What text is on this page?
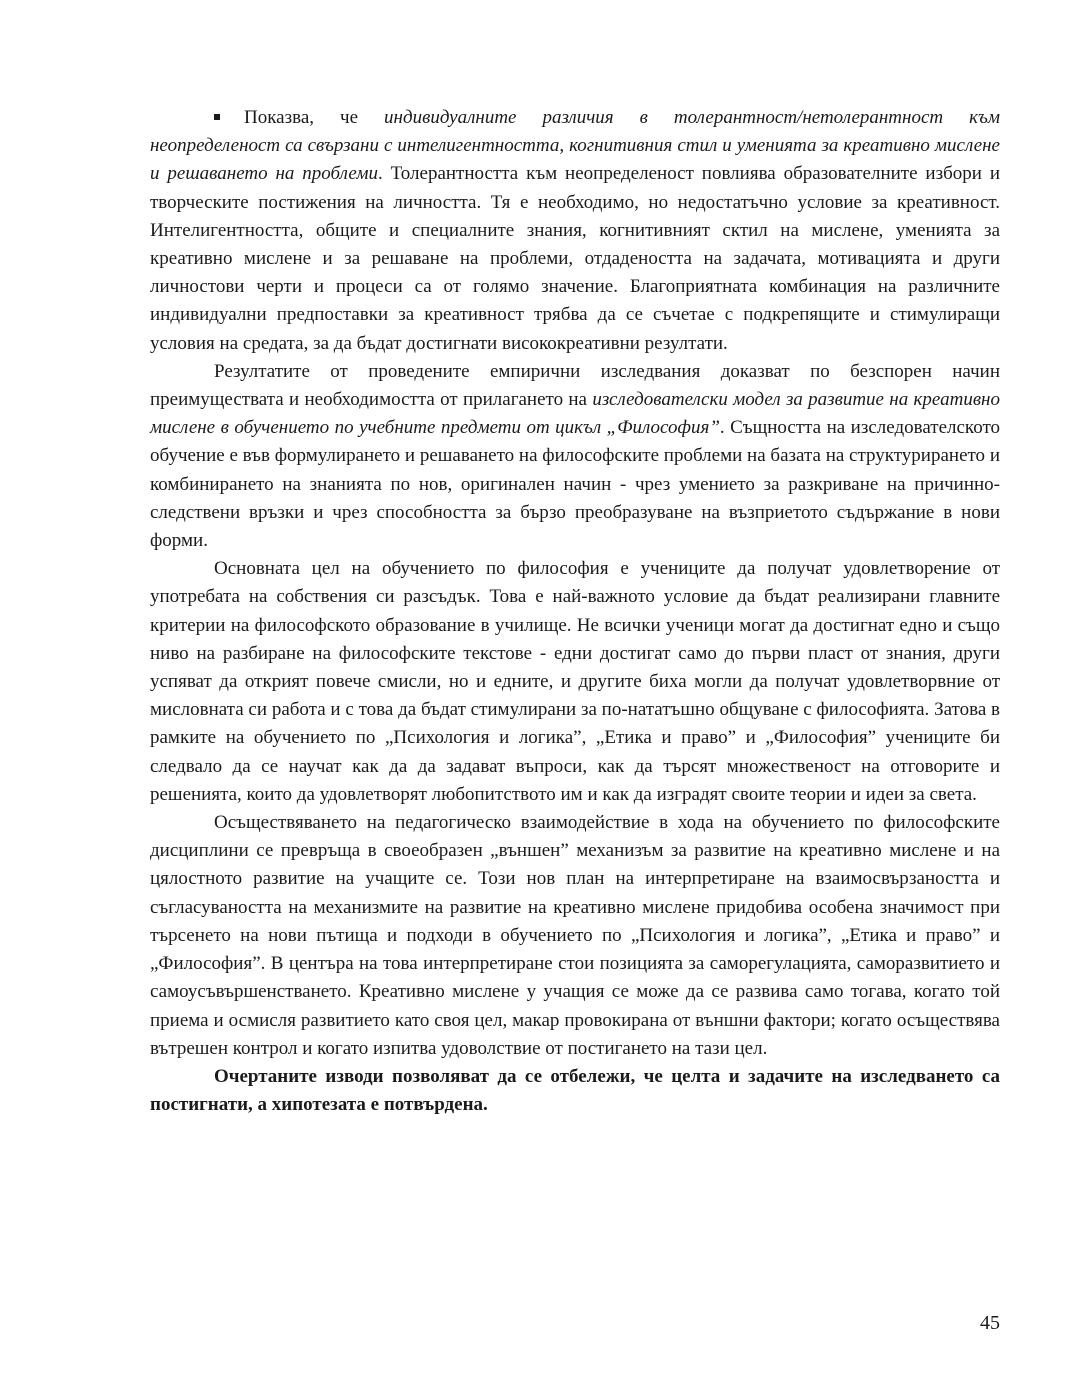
Показва, че индивидуалните различия в толерантност/нетолерантност към неопределеност са свързани с интелигентността, когнитивния стил и уменията за креативно мислене и решаването на проблеми. Толерантността към неопределеност повлиява образователните избори и творческите постижения на личността. Тя е необходимо, но недостатъчно условие за креативност. Интелигентността, общите и специалните знания, когнитивният сктил на мислене, уменията за креативно мислене и за решаване на проблеми, отдадеността на задачата, мотивацията и други личностови черти и процеси са от голямо значение. Благоприятната комбинация на различните индивидуални предпоставки за креативност трябва да се съчетае с подкрепящите и стимулиращи условия на средата, за да бъдат достигнати висококреативни резултати.

Резултатите от проведените емпирични изследвания доказват по безспорен начин преимуществата и необходимостта от прилагането на изследователски модел за развитие на креативно мислене в обучението по учебните предмети от цикъл „Философия”. Същността на изследователското обучение е във формулирането и решаването на философските проблеми на базата на структурирането и комбинирането на знанията по нов, оригинален начин - чрез умението за разкриване на причинно-следствени връзки и чрез способността за бързо преобразуване на възприетото съдържание в нови форми.

Основната цел на обучението по философия е учениците да получат удовлетворение от употребата на собствения си разсъдък. Това е най-важното условие да бъдат реализирани главните критерии на философското образование в училище. Не всички ученици могат да достигнат едно и също ниво на разбиране на философските текстове - едни достигат само до първи пласт от знания, други успяват да открият повече смисли, но и едните, и другите биха могли да получат удовлетворвние от мисловната си работа и с това да бъдат стимулирани за по-нататъшно общуване с философията. Затова в рамките на обучението по „Психология и логика”, „Етика и право” и „Философия” учениците би следвало да се научат как да да задават въпроси, как да търсят множественост на отговорите и решенията, които да удовлетворят любопитството им и как да изградят своите теории и идеи за света.

Осъществяването на педагогическо взаимодействие в хода на обучението по философските дисциплини се превръща в своеобразен „външен” механизъм за развитие на креативно мислене и на цялостното развитие на учащите се. Този нов план на интерпретиране на взаимосвързаността и съгласуваността на механизмите на развитие на креативно мислене придобива особена значимост при търсенето на нови пътища и подходи в обучението по „Психология и логика”, „Етика и право” и „Философия”. В центъра на това интерпретиране стои позицията за саморегулацията, саморазвитието и самоусъвършенстването. Креативно мислене у учащия се може да се развива само тогава, когато той приема и осмисля развитието като своя цел, макар провокирана от външни фактори; когато осъществява вътрешен контрол и когато изпитва удоволствие от постигането на тази цел.

Очертаните изводи позволяват да се отбележи, че целта и задачите на изследването са постигнати, а хипотезата е потвърдена.

45
